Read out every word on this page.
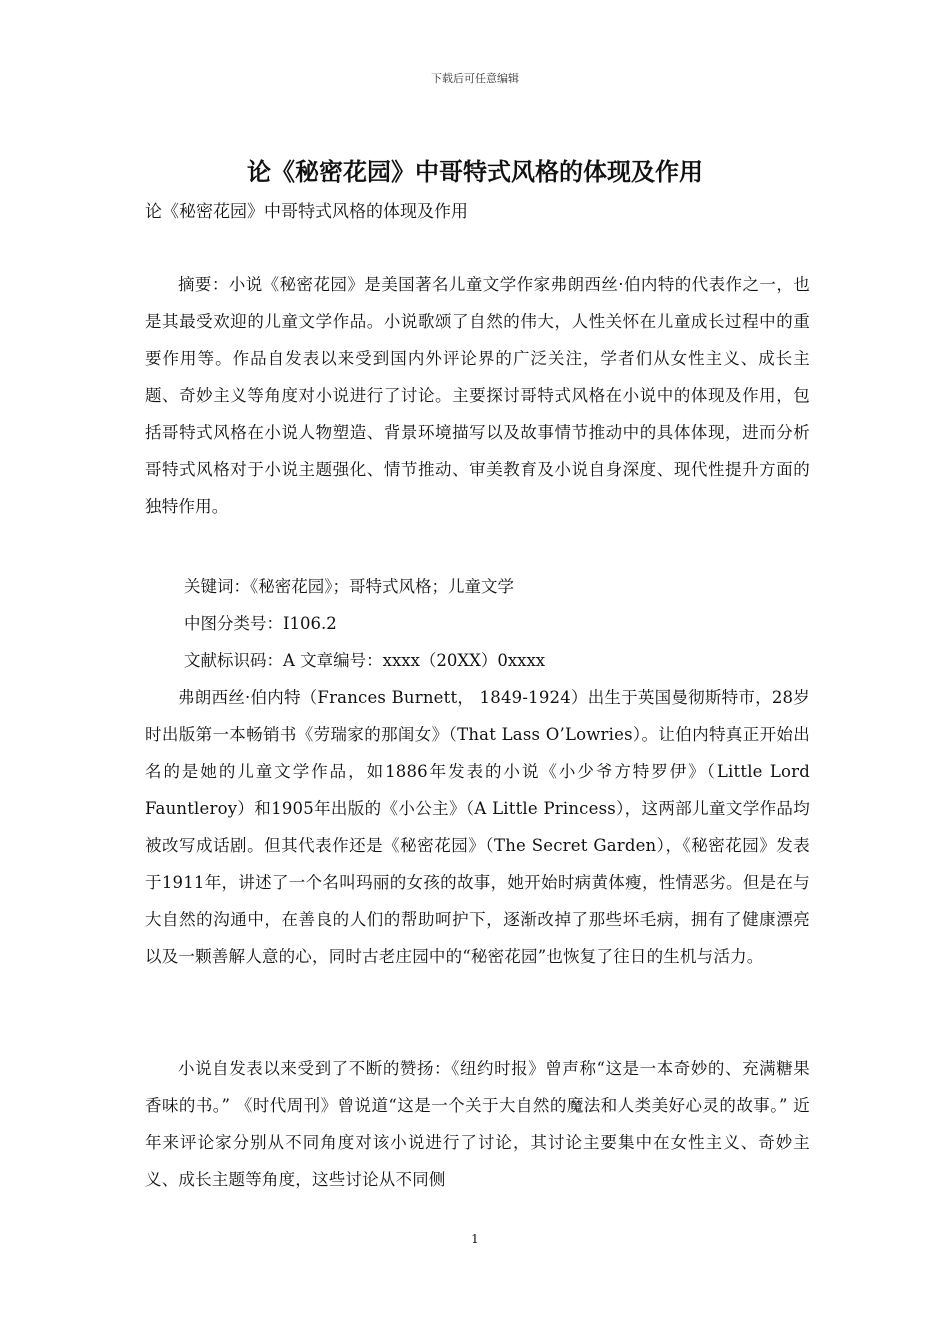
下载后可任意编辑
论《秘密花园》中哥特式风格的体现及作用

论《秘密花园》中哥特式风格的体现及作用

摘要：小说《秘密花园》是美国著名儿童文学作家弗朗西丝·伯内特的代表作之一，也是其最受欢迎的儿童文学作品。小说歌颂了自然的伟大，人性关怀在儿童成长过程中的重要作用等。作品自发表以来受到国内外评论界的广泛关注，学者们从女性主义、成长主题、奇妙主义等角度对小说进行了讨论。主要探讨哥特式风格在小说中的体现及作用，包括哥特式风格在小说人物塑造、背景环境描写以及故事情节推动中的具体体现，进而分析哥特式风格对于小说主题强化、情节推动、审美教育及小说自身深度、现代性提升方面的独特作用。

关键词：《秘密花园》；哥特式风格；儿童文学

中图分类号：I106.2

文献标识码：A 文章编号：xxxx（20XX）0xxxx

弗朗西丝·伯内特（Frances Burnett， 1849-1924）出生于英国曼彻斯特市，28岁时出版第一本畅销书《劳瑞家的那闺女》（That Lass O’Lowries）。让伯内特真正开始出名的是她的儿童文学作品，如1886年发表的小说《小少爷方特罗伊》（Little Lord Fauntleroy）和1905年出版的《小公主》（A Little Princess），这两部儿童文学作品均被改写成话剧。但其代表作还是《秘密花园》（The Secret Garden），《秘密花园》发表于1911年，讲述了一个名叫玛丽的女孩的故事，她开始时病黄体瘦，性情恶劣。但是在与大自然的沟通中，在善良的人们的帮助呵护下，逐渐改掉了那些坏毛病，拥有了健康漂亮以及一颗善解人意的心，同时古老庄园中的“秘密花园”也恢复了往日的生机与活力。

小说自发表以来受到了不断的赞扬：《纽约时报》曾声称“这是一本奇妙的、充满糖果香味的书。” 《时代周刊》曾说道“这是一个关于大自然的魔法和人类美好心灵的故事。” 近年来评论家分别从不同角度对该小说进行了讨论，其讨论主要集中在女性主义、奇妙主义、成长主题等角度，这些讨论从不同侧

1
